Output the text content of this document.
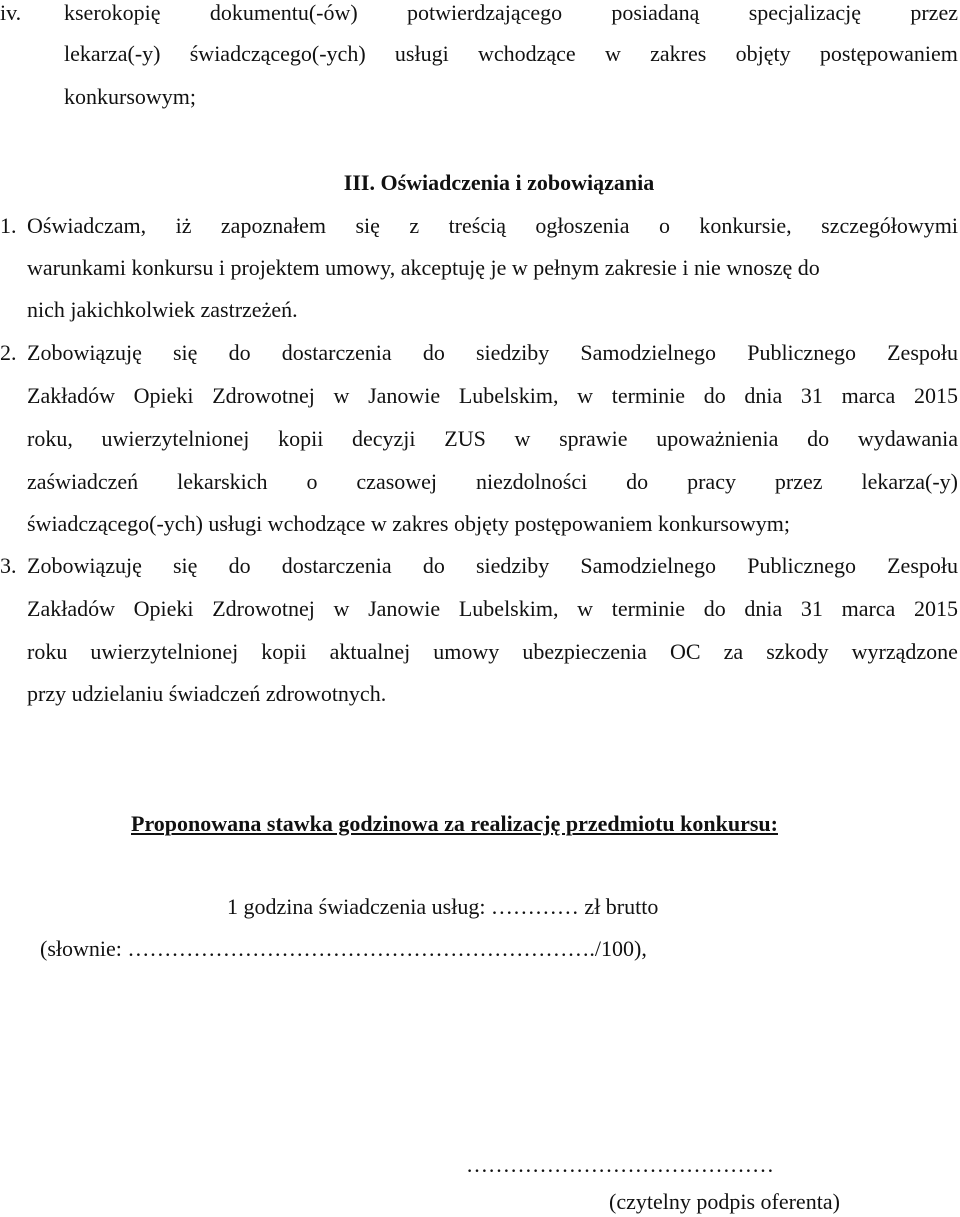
iv. kserokopię dokumentu(-ów) potwierdzającego posiadaną specjalizację przez
lekarza(-y) świadczącego(-ych) usługi wchodzące w zakres objęty postępowaniem
konkursowym;
III. Oświadczenia i zobowiązania
1. Oświadczam, iż zapoznałem się z treścią ogłoszenia o konkursie, szczegółowymi
warunkami konkursu i projektem umowy, akceptuję je w pełnym zakresie i nie wnoszę do
nich jakichkolwiek zastrzeżeń.
2. Zobowiązuję się do dostarczenia do siedziby Samodzielnego Publicznego Zespołu
Zakładów Opieki Zdrowotnej w Janowie Lubelskim, w terminie do dnia 31 marca 2015
roku, uwierzytelnionej kopii decyzji ZUS w sprawie upoważnienia do wydawania
zaświadczeń lekarskich o czasowej niezdolności do pracy przez lekarza(-y)
świadczącego(-ych) usługi wchodzące w zakres objęty postępowaniem konkursowym;
3. Zobowiązuję się do dostarczenia do siedziby Samodzielnego Publicznego Zespołu
Zakładów Opieki Zdrowotnej w Janowie Lubelskim, w terminie do dnia 31 marca 2015
roku uwierzytelnionej kopii aktualnej umowy ubezpieczenia OC za szkody wyrządzone
przy udzielaniu świadczeń zdrowotnych.
Proponowana stawka godzinowa za realizację przedmiotu konkursu:
1 godzina świadczenia usług: ………… zł brutto
(słownie: ………………………………………………………./100),
……………………………………
(czytelny podpis oferenta)
